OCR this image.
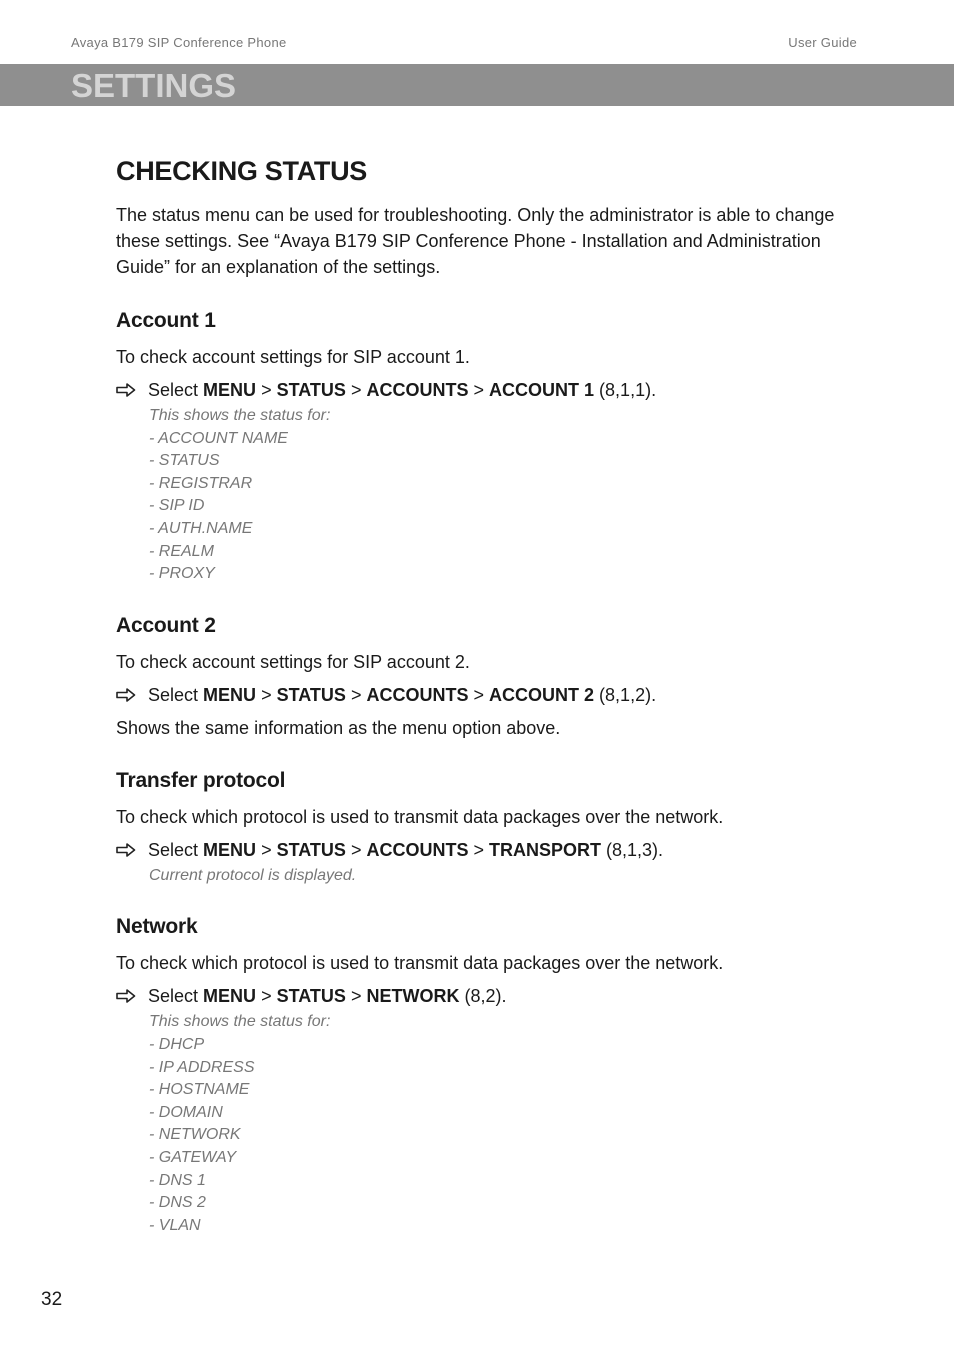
Avaya B179 SIP Conference Phone	User Guide
SETTINGS
CHECKING STATUS

The status menu can be used for troubleshooting. Only the administrator is able to change these settings. See “Avaya B179 SIP Conference Phone - Installation and Administration Guide” for an explanation of the settings.

Account 1

To check account settings for SIP account 1.

Select
MENU
>
STATUS
>
ACCOUNTS
>
ACCOUNT 1
(8,1,1).
This shows the status for:
- ACCOUNT NAME
- STATUS
- REGISTRAR
- SIP ID
- AUTH.NAME
- REALM
- PROXY
Account 2

To check account settings for SIP account 2.

Select
MENU
>
STATUS
>
ACCOUNTS
>
ACCOUNT 2
(8,1,2).

Shows the same information as the menu option above.

Transfer protocol

To check which protocol is used to transmit data packages over the network.

Select
MENU
>
STATUS
>
ACCOUNTS
>
TRANSPORT
(8,1,3).
Current protocol is displayed.
Network

To check which protocol is used to transmit data packages over the network.

Select
MENU
>
STATUS
>
NETWORK
(8,2).
This shows the status for:
- DHCP
- IP ADDRESS
- HOSTNAME
- DOMAIN
- NETWORK
- GATEWAY
- DNS 1
- DNS 2
- VLAN
32
